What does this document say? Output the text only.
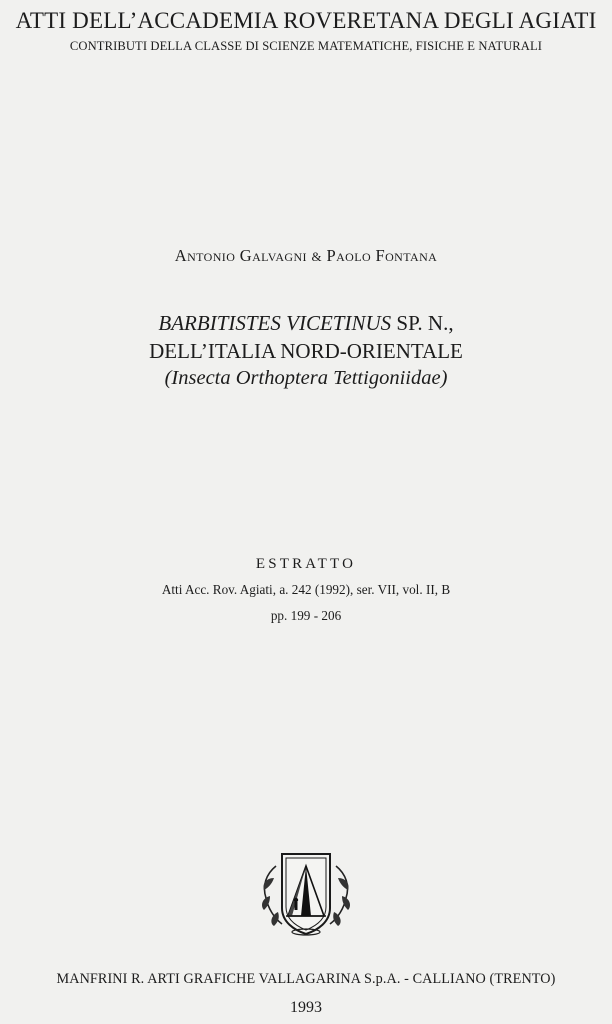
ATTI DELL’ACCADEMIA ROVERETANA DEGLI AGIATI
CONTRIBUTI DELLA CLASSE DI SCIENZE MATEMATICHE, FISICHE E NATURALI
Antonio Galvagni & Paolo Fontana
BARBITISTES VICETINUS SP. N.,
DELL’ITALIA NORD-ORIENTALE
(Insecta Orthoptera Tettigoniidae)
ESTRATTO
Atti Acc. Rov. Agiati, a. 242 (1992), ser. VII, vol. II, B
pp. 199 - 206
MANFRINI R. ARTI GRAFICHE VALLAGARINA S.p.A. - CALLIANO (TRENTO)
1993
